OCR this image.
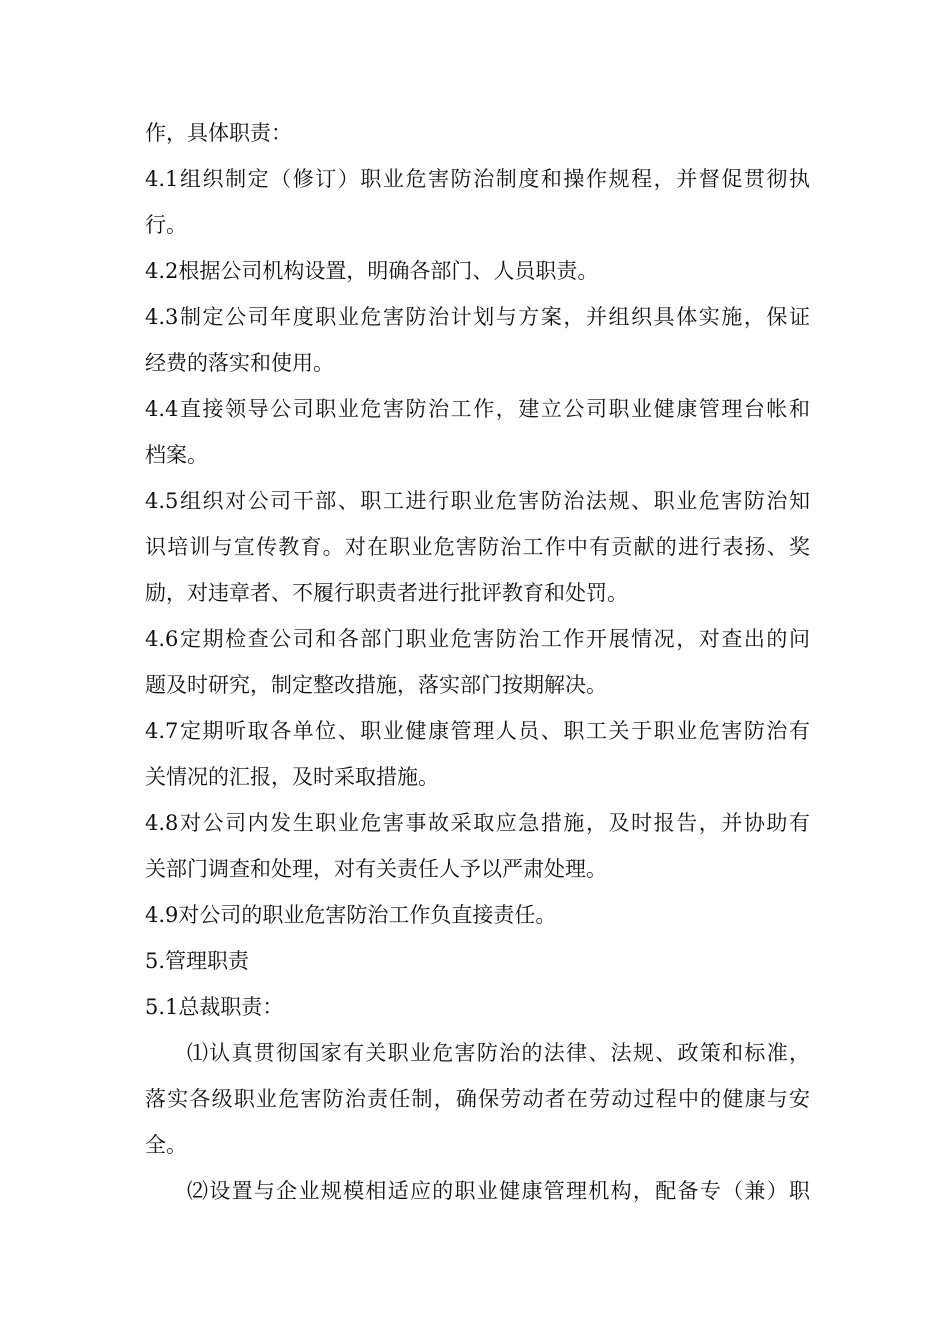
作，具体职责：
4.1组织制定（修订）职业危害防治制度和操作规程，并督促贯彻执
行。
4.2根据公司机构设置，明确各部门、人员职责。
4.3制定公司年度职业危害防治计划与方案，并组织具体实施，保证
经费的落实和使用。
4.4直接领导公司职业危害防治工作，建立公司职业健康管理台帐和
档案。
4.5组织对公司干部、职工进行职业危害防治法规、职业危害防治知
识培训与宣传教育。对在职业危害防治工作中有贡献的进行表扬、奖
励，对违章者、不履行职责者进行批评教育和处罚。
4.6定期检查公司和各部门职业危害防治工作开展情况，对查出的问
题及时研究，制定整改措施，落实部门按期解决。
4.7定期听取各单位、职业健康管理人员、职工关于职业危害防治有
关情况的汇报，及时采取措施。
4.8对公司内发生职业危害事故采取应急措施，及时报告，并协助有
关部门调查和处理，对有关责任人予以严肃处理。
4.9对公司的职业危害防治工作负直接责任。
5.管理职责
5.1总裁职责：
⑴认真贯彻国家有关职业危害防治的法律、法规、政策和标准，
落实各级职业危害防治责任制，确保劳动者在劳动过程中的健康与安
全。
⑵设置与企业规模相适应的职业健康管理机构，配备专（兼）职
